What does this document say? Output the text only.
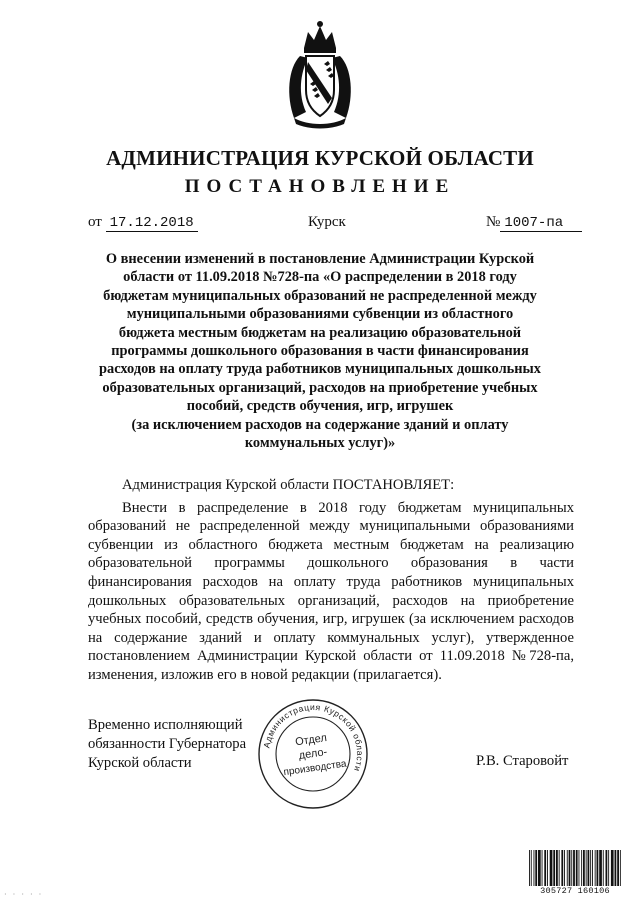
АДМИНИСТРАЦИЯ КУРСКОЙ ОБЛАСТИ
ПОСТАНОВЛЕНИЕ
от 17.12.2018	Курск	№ 1007-па
О внесении изменений в постановление Администрации Курской
области от 11.09.2018 №728-па «О распределении в 2018 году
бюджетам муниципальных образований не распределенной между
муниципальными образованиями субвенции из областного
бюджета местным бюджетам на реализацию образовательной
программы дошкольного образования в части финансирования
расходов на оплату труда работников муниципальных дошкольных
образовательных организаций, расходов на приобретение учебных
пособий, средств обучения, игр, игрушек
(за исключением расходов на содержание зданий и оплату
коммунальных услуг)»

Администрация Курской области ПОСТАНОВЛЯЕТ:

Внести в распределение в 2018 году бюджетам муниципальных образований не распределенной между муниципальными образованиями субвенции из областного бюджета местным бюджетам на реализацию образовательной программы дошкольного образования в части финансирования расходов на оплату труда работников муниципальных дошкольных образовательных организаций, расходов на приобретение учебных пособий, средств обучения, игр, игрушек (за исключением расходов на содержание зданий и оплату коммунальных услуг), утвержденное постановлением Администрации Курской области от 11.09.2018 №728-па, изменения, изложив его в новой редакции (прилагается).

Временно исполняющий
обязанности Губернатора
Курской области
Администрация Курской области
Отдел
дело-
производства	Р.В. Старовойт
305727 160106
· · · · ·
